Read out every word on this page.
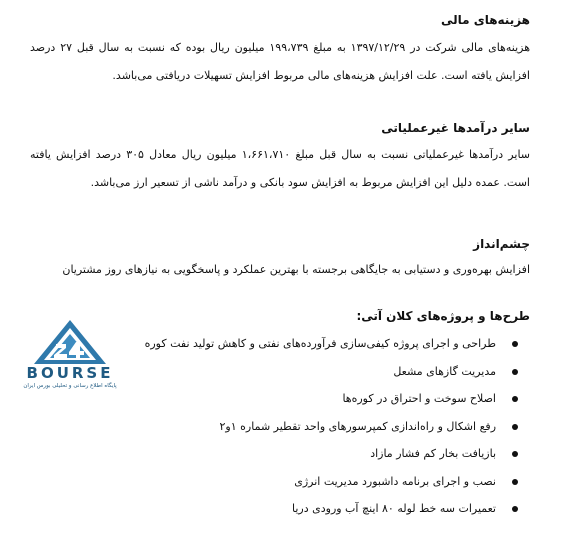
هزینه‌های مالی
هزینه‌های مالی شرکت در ۱۳۹۷/۱۲/۲۹ به مبلغ ۱۹۹،۷۳۹ میلیون ریال بوده که نسبت به سال قبل ۲۷ درصد افزایش یافته است. علت افزایش هزینه‌های مالی مربوط افزایش تسهیلات دریافتی می‌باشد.
سایر درآمدها غیرعملیاتی
سایر درآمدها غیرعملیاتی نسبت به سال قبل مبلغ ۱،۶۶۱،۷۱۰ میلیون ریال معادل ۳۰۵ درصد افزایش یافته است. عمده دلیل این افزایش مربوط به افزایش سود بانکی و درآمد ناشی از تسعیر ارز می‌باشد.
چشم‌انداز
افزایش بهره‌وری و دستیابی به جایگاهی برجسته با بهترین عملکرد و پاسخگویی به نیازهای روز مشتریان
طرح‌ها و پروژه‌های کلان آتی:
طراحی و اجرای پروژه کیفی‌سازی فرآورده‌های نفتی و کاهش تولید نفت کوره
مدیریت گازهای مشعل
اصلاح سوخت و احتراق در کوره‌ها
رفع اشکال و راه‌اندازی کمپرسورهای واحد تقطیر شماره ۱و۲
بازیافت بخار کم فشار مازاد
نصب و اجرای برنامه داشبورد مدیریت انرژی
تعمیرات سه خط لوله ۸۰ اینچ آب ورودی دریا
BOURSE
پایگاه اطلاع رسانی و تحلیلی بورس ایران
